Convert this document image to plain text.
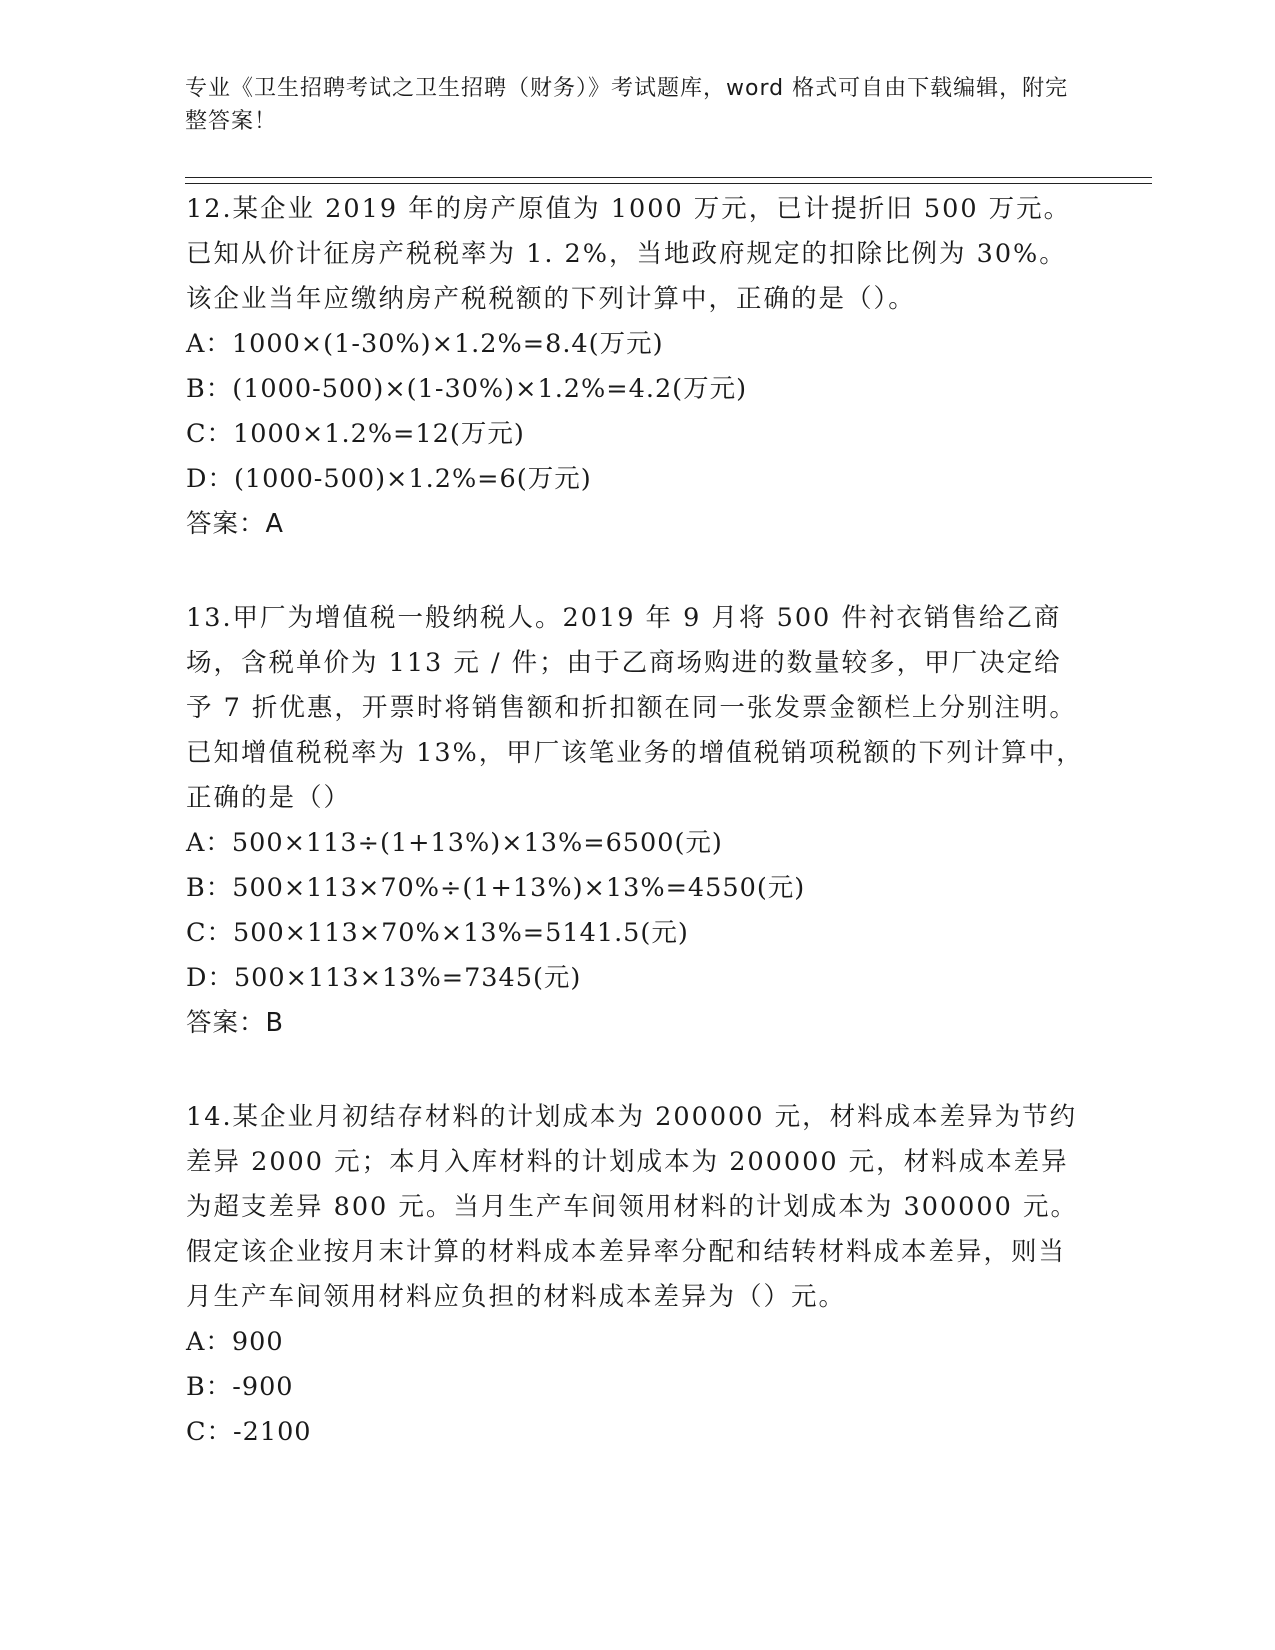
专业《卫生招聘考试之卫生招聘（财务）》考试题库，word 格式可自由下载编辑，附完整答案！

12.某企业 2019 年的房产原值为 1000 万元，已计提折旧 500 万元。已知从价计征房产税税率为 1. 2%，当地政府规定的扣除比例为 30%。该企业当年应缴纳房产税税额的下列计算中，正确的是（）。

A：1000×(1-30%)×1.2%=8.4(万元)

B：(1000-500)×(1-30%)×1.2%=4.2(万元)

C：1000×1.2%=12(万元)

D：(1000-500)×1.2%=6(万元)

答案：A

13.甲厂为增值税一般纳税人。2019 年 9 月将 500 件衬衣销售给乙商场，含税单价为 113 元 / 件；由于乙商场购进的数量较多，甲厂决定给予 7 折优惠，开票时将销售额和折扣额在同一张发票金额栏上分别注明。已知增值税税率为 13%，甲厂该笔业务的增值税销项税额的下列计算中，正确的是（）

A：500×113÷(1+13%)×13%=6500(元)

B：500×113×70%÷(1+13%)×13%=4550(元)

C：500×113×70%×13%=5141.5(元)

D：500×113×13%=7345(元)

答案：B

14.某企业月初结存材料的计划成本为 200000 元，材料成本差异为节约差异 2000 元；本月入库材料的计划成本为 200000 元，材料成本差异为超支差异 800 元。当月生产车间领用材料的计划成本为 300000 元。假定该企业按月末计算的材料成本差异率分配和结转材料成本差异，则当月生产车间领用材料应负担的材料成本差异为（）元。

A：900

B：-900

C：-2100
